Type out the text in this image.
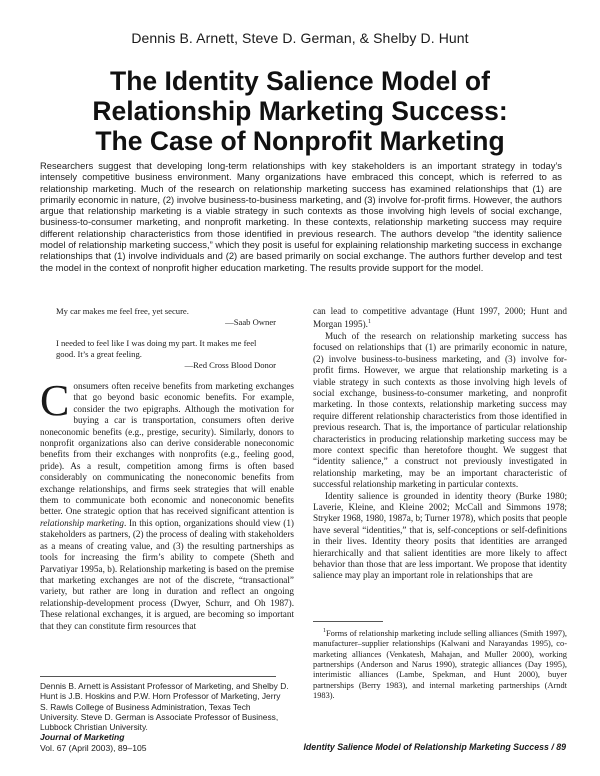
Dennis B. Arnett, Steve D. German, & Shelby D. Hunt
The Identity Salience Model of
Relationship Marketing Success:
The Case of Nonprofit Marketing
Researchers suggest that developing long-term relationships with key stakeholders is an important strategy in today’s intensely competitive business environment. Many organizations have embraced this concept, which is referred to as relationship marketing. Much of the research on relationship marketing success has examined relationships that (1) are primarily economic in nature, (2) involve business-to-business marketing, and (3) involve for-profit firms. However, the authors argue that relationship marketing is a viable strategy in such contexts as those involving high levels of social exchange, business-to-consumer marketing, and nonprofit marketing. In these contexts, relationship marketing success may require different relationship characteristics from those identified in previous research. The authors develop “the identity salience model of relationship marketing success,” which they posit is useful for explaining relationship marketing success in exchange relationships that (1) involve individuals and (2) are based primarily on social exchange. The authors further develop and test the model in the context of nonprofit higher education marketing. The results provide support for the model.
My car makes me feel free, yet secure.
—Saab Owner
I needed to feel like I was doing my part. It makes me feel good. It’s a great feeling.
—Red Cross Blood Donor

Consumers often receive benefits from marketing exchanges that go beyond basic economic benefits. For example, consider the two epigraphs. Although the motivation for buying a car is transportation, consumers often derive noneconomic benefits (e.g., prestige, security). Similarly, donors to nonprofit organizations also can derive considerable noneconomic benefits from their exchanges with nonprofits (e.g., feeling good, pride). As a result, competition among firms is often based considerably on communicating the noneconomic benefits from exchange relationships, and firms seek strategies that will enable them to communicate both economic and noneconomic benefits better. One strategic option that has received significant attention is relationship marketing. In this option, organizations should view (1) stakeholders as partners, (2) the process of dealing with stakeholders as a means of creating value, and (3) the resulting partnerships as tools for increasing the firm’s ability to compete (Sheth and Parvatiyar 1995a, b). Relationship marketing is based on the premise that marketing exchanges are not of the discrete, “transactional” variety, but rather are long in duration and reflect an ongoing relationship-development process (Dwyer, Schurr, and Oh 1987). These relational exchanges, it is argued, are becoming so important that they can constitute firm resources that

can lead to competitive advantage (Hunt 1997, 2000; Hunt and Morgan 1995).$^1$

Much of the research on relationship marketing success has focused on relationships that (1) are primarily economic in nature, (2) involve business-to-business marketing, and (3) involve for-profit firms. However, we argue that relationship marketing is a viable strategy in such contexts as those involving high levels of social exchange, business-to-consumer marketing, and nonprofit marketing. In those contexts, relationship marketing success may require different relationship characteristics from those identified in previous research. That is, the importance of particular relationship characteristics in producing relationship marketing success may be more context specific than heretofore thought. We suggest that “identity salience,” a construct not previously investigated in relationship marketing, may be an important characteristic of successful relationship marketing in particular contexts.

Identity salience is grounded in identity theory (Burke 1980; Laverie, Kleine, and Kleine 2002; McCall and Simmons 1978; Stryker 1968, 1980, 1987a, b; Turner 1978), which posits that people have several “identities,” that is, self-conceptions or self-definitions in their lives. Identity theory posits that identities are arranged hierarchically and that salient identities are more likely to affect behavior than those that are less important. We propose that identity salience may play an important role in relationships that are

$^1$Forms of relationship marketing include selling alliances (Smith 1997), manufacturer–supplier relationships (Kalwani and Narayandas 1995), co-marketing alliances (Venkatesh, Mahajan, and Muller 2000), working partnerships (Anderson and Narus 1990), strategic alliances (Day 1995), interimistic alliances (Lambe, Spekman, and Hunt 2000), buyer partnerships (Berry 1983), and internal marketing partnerships (Arndt 1983).

Dennis B. Arnett is Assistant Professor of Marketing, and Shelby D. Hunt is J.B. Hoskins and P.W. Horn Professor of Marketing, Jerry S. Rawls College of Business Administration, Texas Tech University. Steve D. German is Associate Professor of Business, Lubbock Christian University.
Journal of Marketing
Vol. 67 (April 2003), 89–105	Identity Salience Model of Relationship Marketing Success / 89
